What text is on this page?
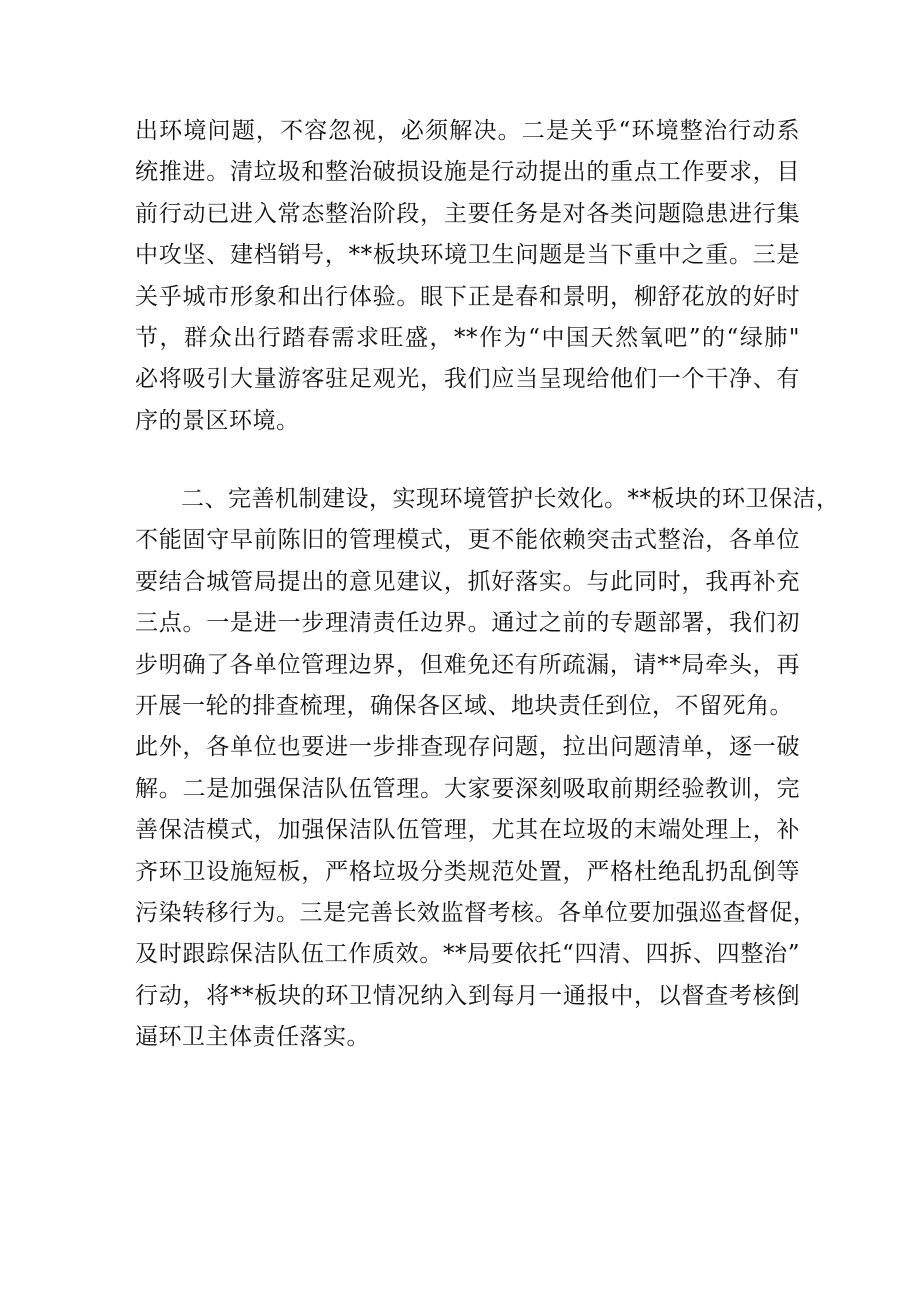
出环境问题，不容忽视，必须解决。二是关乎“环境整治行动系
统推进。清垃圾和整治破损设施是行动提出的重点工作要求，目
前行动已进入常态整治阶段，主要任务是对各类问题隐患进行集
中攻坚、建档销号，**板块环境卫生问题是当下重中之重。三是
关乎城市形象和出行体验。眼下正是春和景明，柳舒花放的好时
节，群众出行踏春需求旺盛，**作为“中国天然氧吧”的“绿肺"
必将吸引大量游客驻足观光，我们应当呈现给他们一个干净、有
序的景区环境。
二、完善机制建设，实现环境管护长效化。**板块的环卫保洁，
不能固守早前陈旧的管理模式，更不能依赖突击式整治，各单位
要结合城管局提出的意见建议，抓好落实。与此同时，我再补充
三点。一是进一步理清责任边界。通过之前的专题部署，我们初
步明确了各单位管理边界，但难免还有所疏漏，请**局牵头，再
开展一轮的排查梳理，确保各区域、地块责任到位，不留死角。
此外，各单位也要进一步排查现存问题，拉出问题清单，逐一破
解。二是加强保洁队伍管理。大家要深刻吸取前期经验教训，完
善保洁模式，加强保洁队伍管理，尤其在垃圾的末端处理上，补
齐环卫设施短板，严格垃圾分类规范处置，严格杜绝乱扔乱倒等
污染转移行为。三是完善长效监督考核。各单位要加强巡查督促，
及时跟踪保洁队伍工作质效。**局要依托“四清、四拆、四整治”
行动，将**板块的环卫情况纳入到每月一通报中，以督查考核倒
逼环卫主体责任落实。
